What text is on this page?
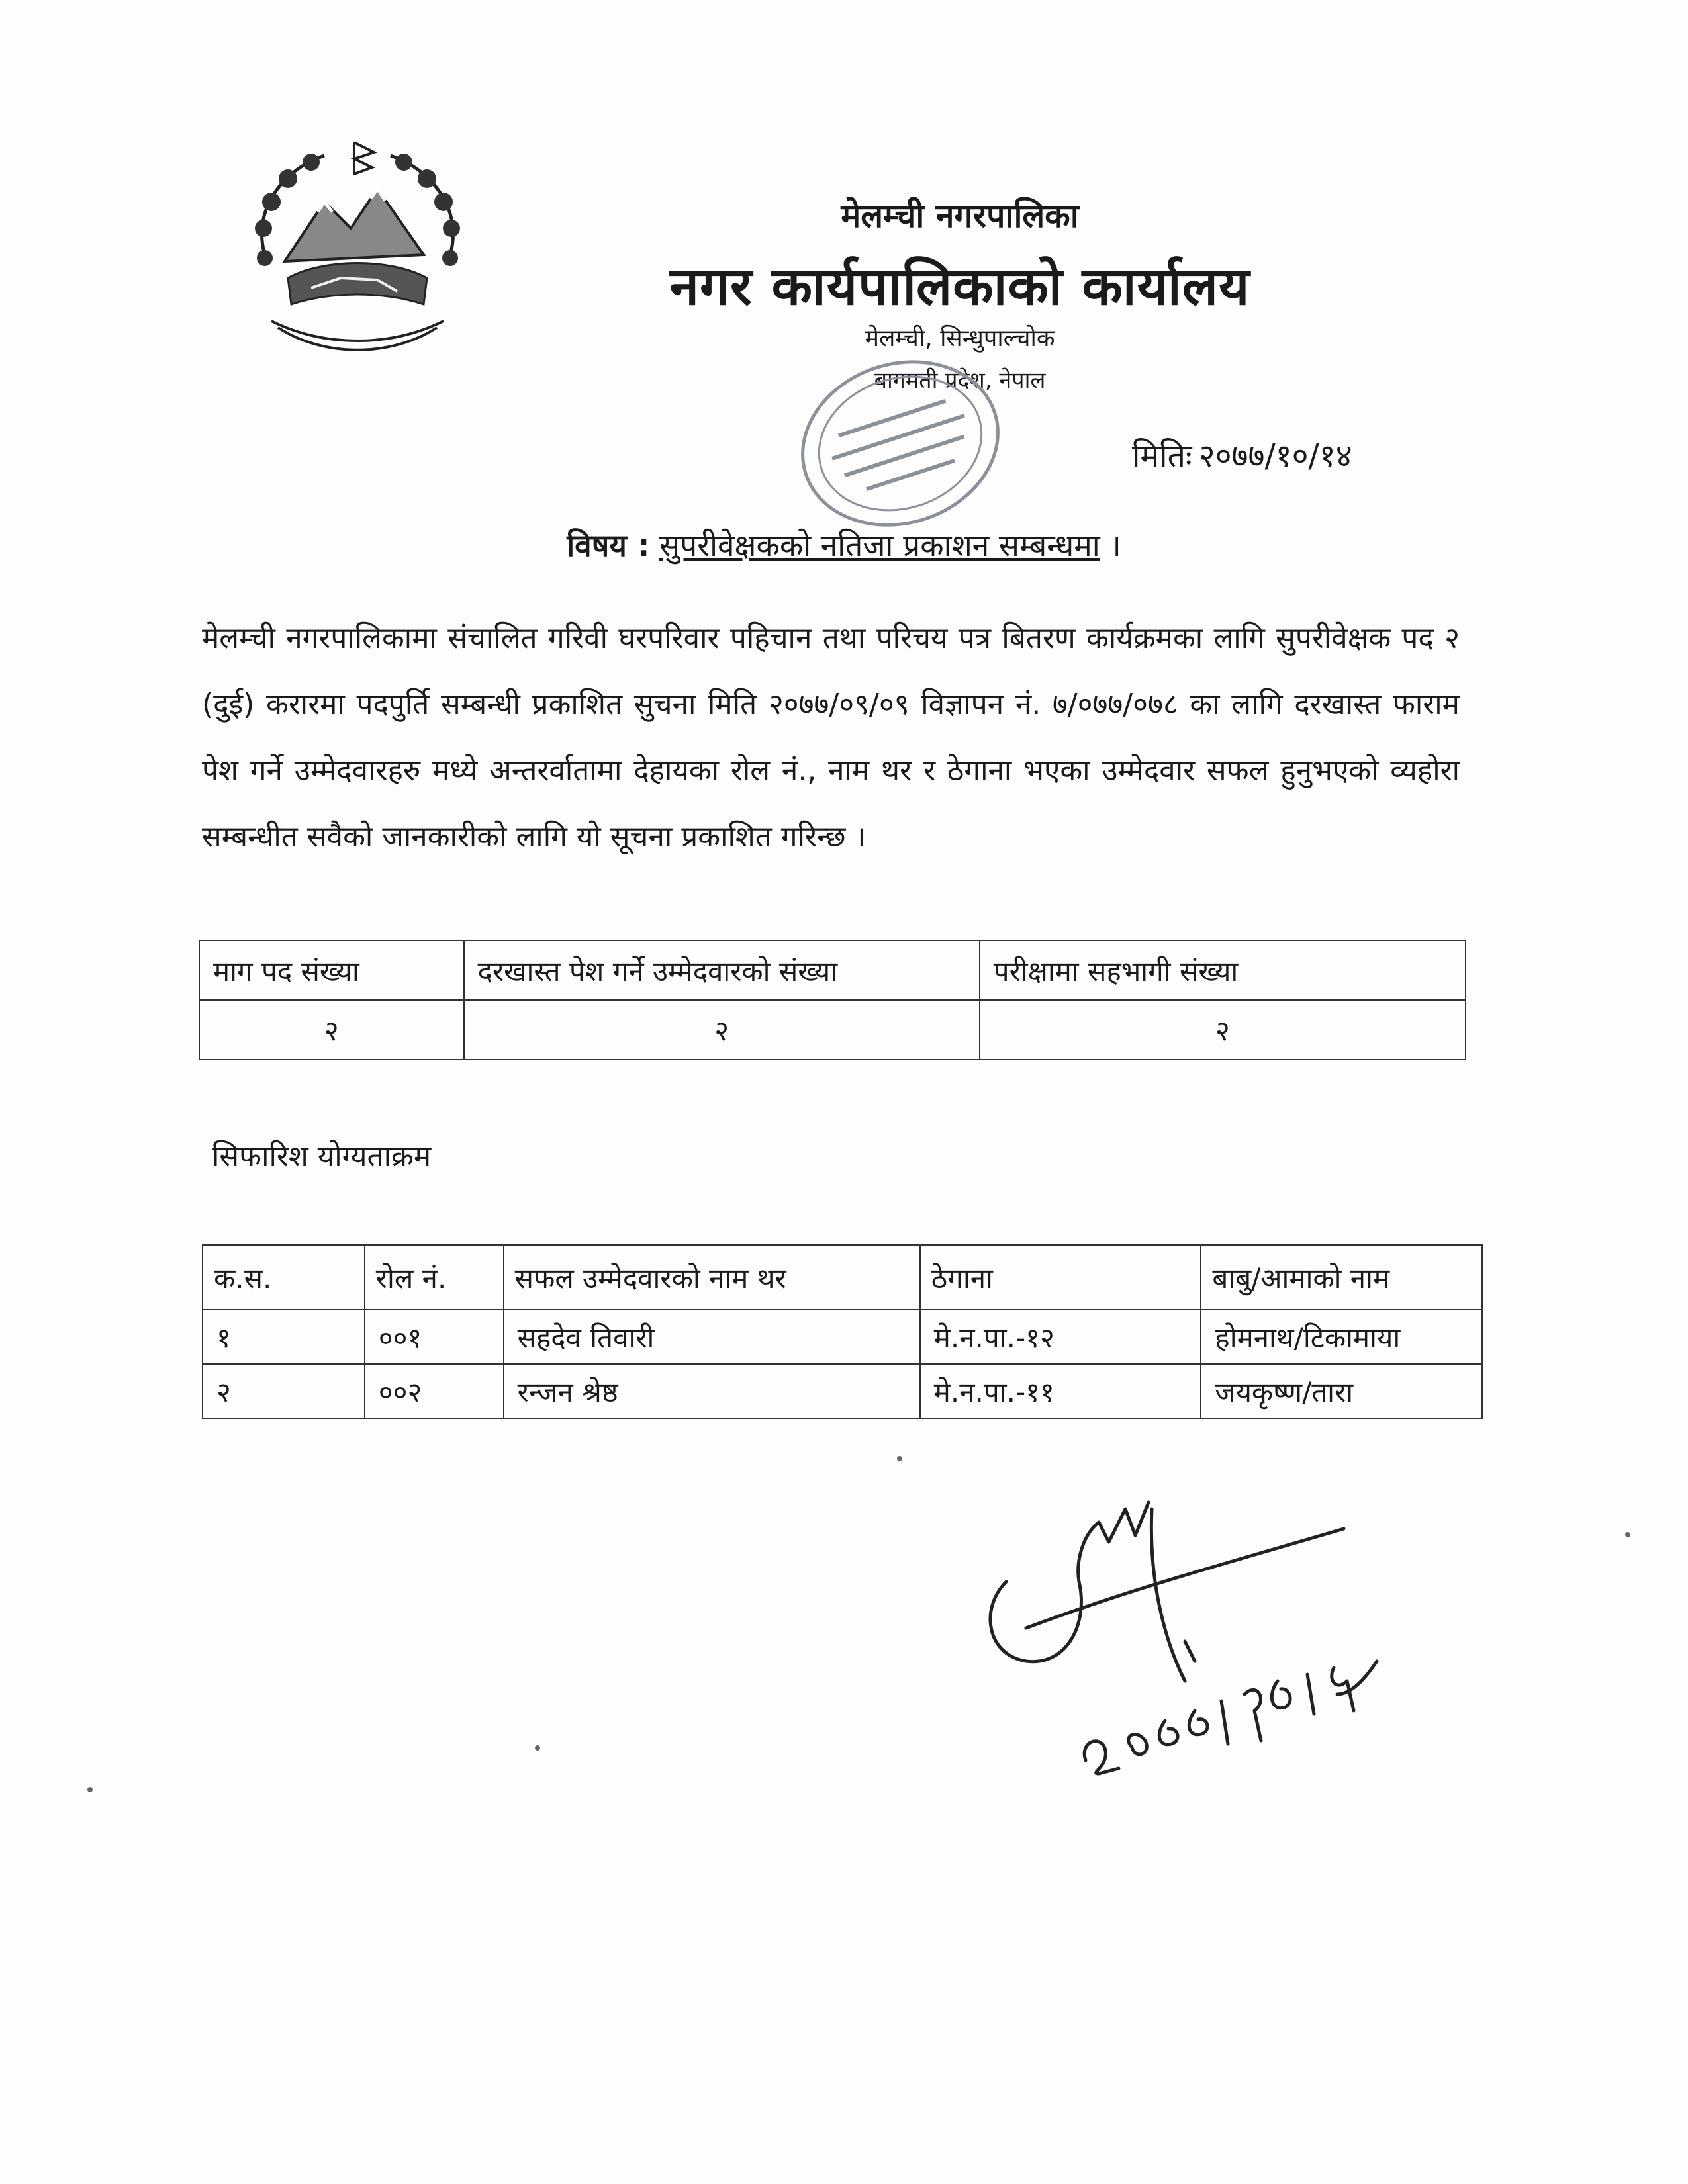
मेलम्ची नगरपालिका
नगर कार्यपालिकाको कार्यालय
मेलम्ची, सिन्धुपाल्चोक
बागमती प्रदेश, नेपाल
मितिः २०७७/१०/१४
विषय : सुपरीवेक्षकको नतिजा प्रकाशन सम्बन्धमा ।
मेलम्ची नगरपालिकामा संचालित गरिवी घरपरिवार पहिचान तथा परिचय पत्र बितरण कार्यक्रमका लागि सुपरीवेक्षक पद २ (दुई) करारमा पदपुर्ति सम्बन्धी प्रकाशित सुचना मिति २०७७/०९/०९ विज्ञापन नं. ७/०७७/०७८ का लागि दरखास्त फाराम पेश गर्ने उम्मेदवारहरु मध्ये अन्तरर्वातामा देहायका रोल नं., नाम थर र ठेगाना भएका उम्मेदवार सफल हुनुभएको व्यहोरा सम्बन्धीत सवैको जानकारीको लागि यो सूचना प्रकाशित गरिन्छ ।
माग पद संख्या	दरखास्त पेश गर्ने उम्मेदवारको संख्या	परीक्षामा सहभागी संख्या
२	२	२
सिफारिश योग्यताक्रम
क.स.	रोल नं.	सफल उम्मेदवारको नाम थर	ठेगाना	बाबु/आमाको नाम
१	००१	सहदेव तिवारी	मे.न.पा.-१२	होमनाथ/टिकामाया
२	००२	रन्जन श्रेष्ठ	मे.न.पा.-११	जयकृष्ण/तारा
